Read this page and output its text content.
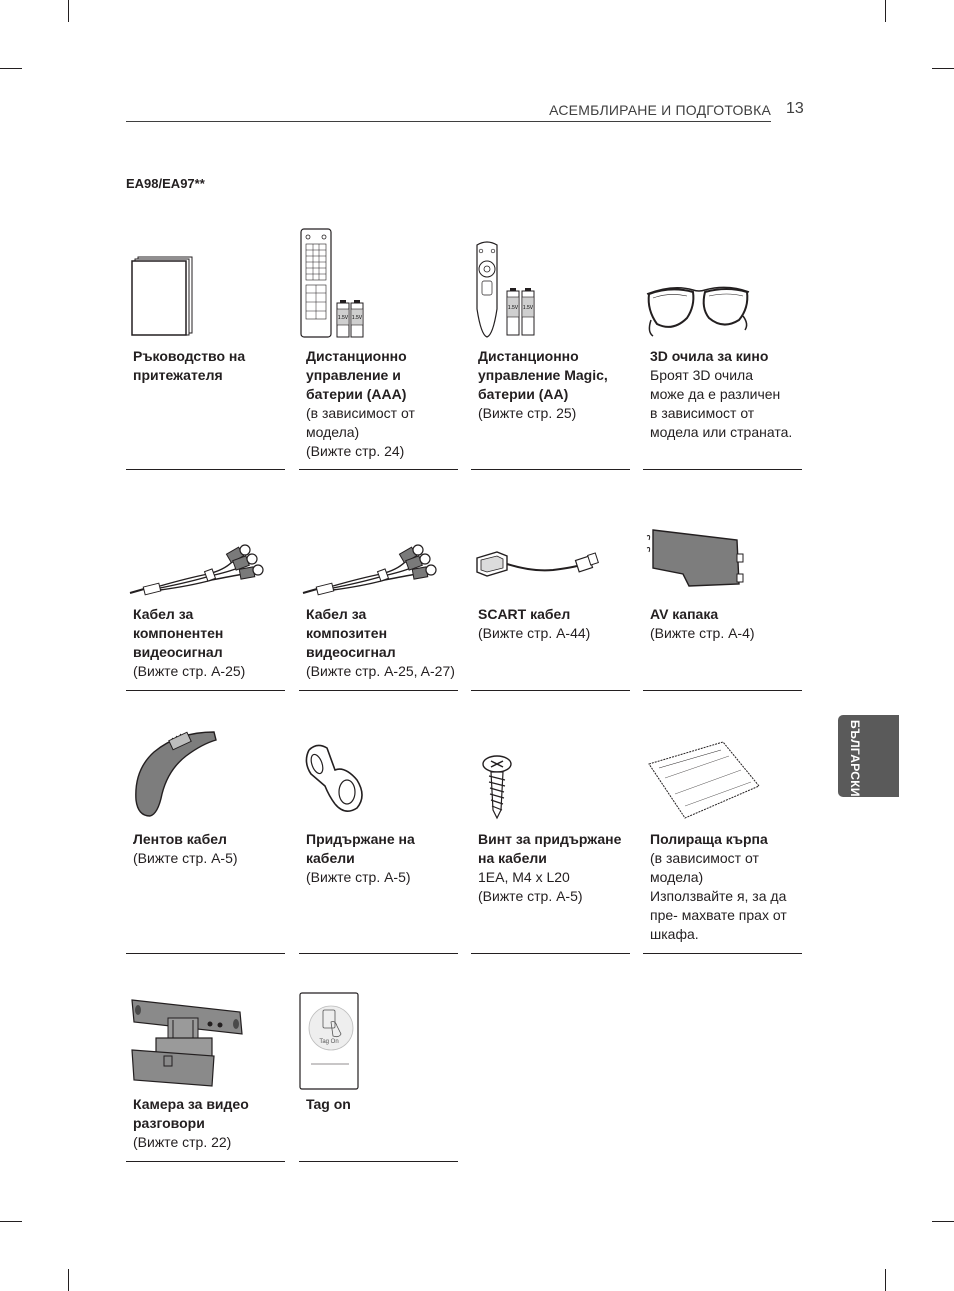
АСЕМБЛИРАНЕ И ПОДГОТОВКА 13
EA98/EA97**
БЪЛГАРСКИ
Ръководство на
притежателя
1.5V 1.5V
Дистанционно
управление и
батерии (AAA)
(в зависимост от
модела)
(Вижте стр. 24)
1.5V 1.5V
Дистанционно
управление Magic,
батерии (AA)
(Вижте стр. 25)
3D очила за кино
Броят 3D очила
може да е различен
в зависимост от
модела или страната.
Кабел за
компонентен
видеосигнал
(Вижте стр. A-25)
Кабел за
композитен
видеосигнал
(Вижте стр. A-25, A-27)
SCART кабел
(Вижте стр. A-44)
AV капака
(Вижте стр. A-4)
Лентов кабел
(Вижте стр. A-5)
Придържане на
кабели
(Вижте стр. A-5)
Винт за придържане
на кабели
1EA, M4 x L20
(Вижте стр. A-5)
Полираща кърпа
(в зависимост от
модела)
Използвайте я, за да
пре- махвате прах от
шкафа.
Камера за видео
разговори
(Вижте стр. 22)
Tag On
Tag on
